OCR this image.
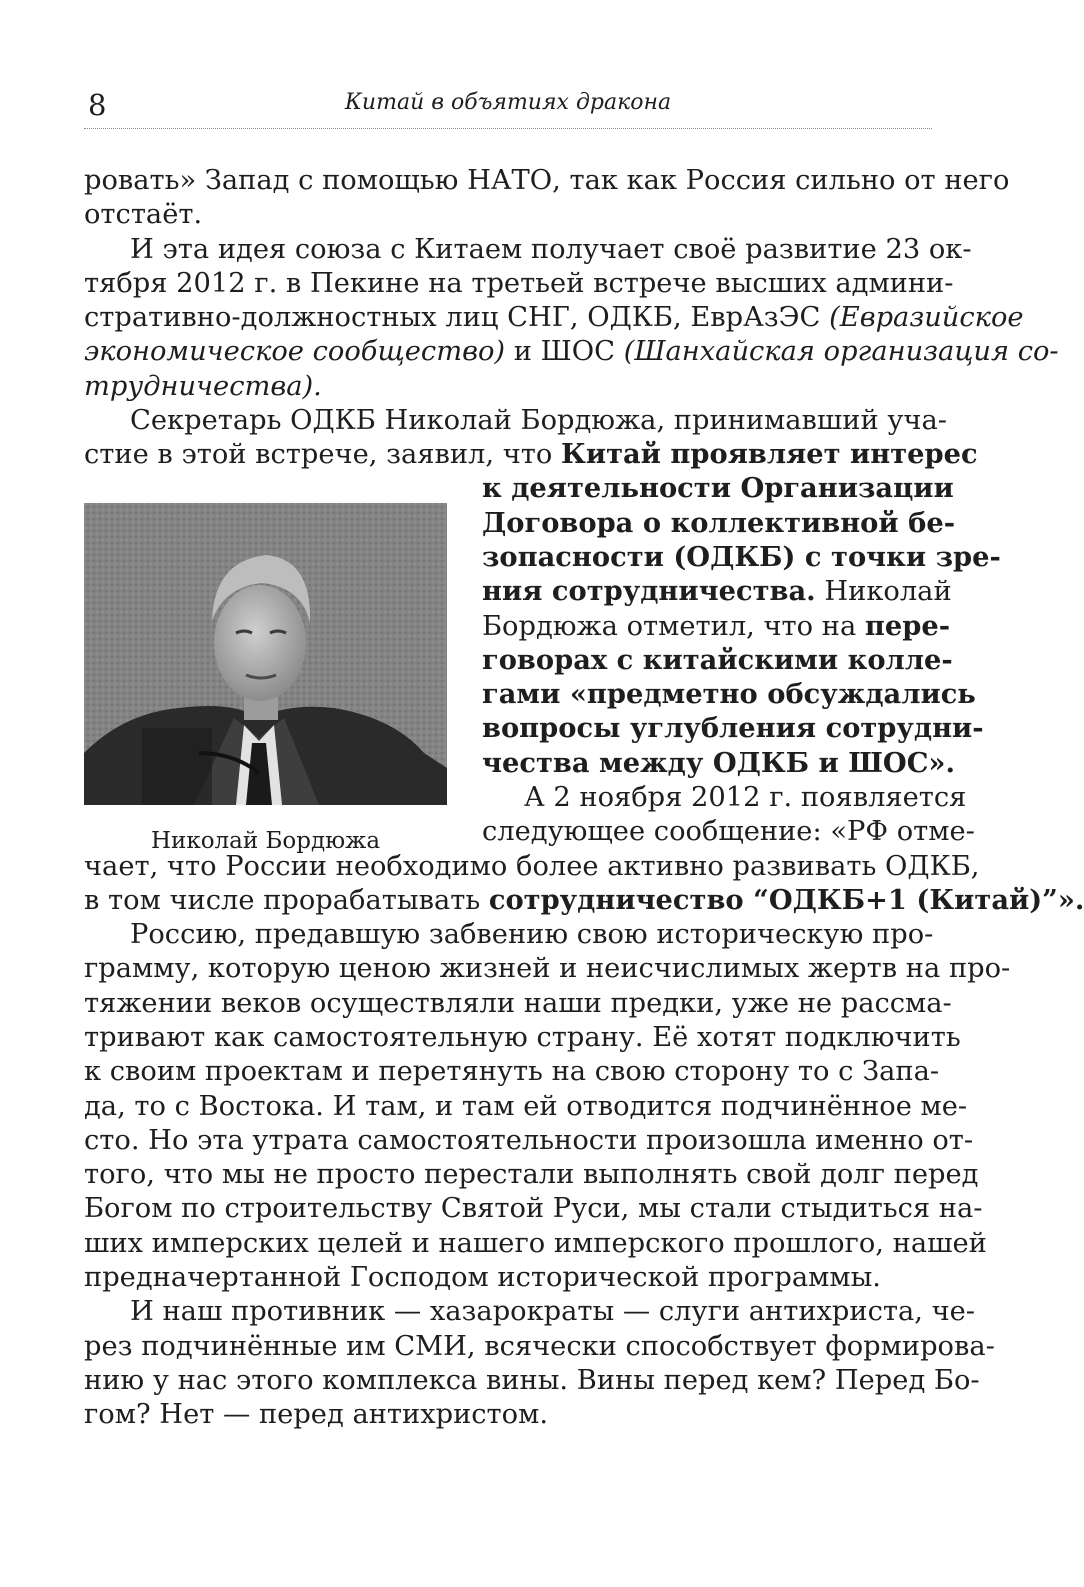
8	Китай в объятиях дракона

ровать» Запад с помощью НАТО, так как Россия сильно от него

отстаёт.

И эта идея союза с Китаем получает своё развитие 23 ок-

тября 2012 г. в Пекине на третьей встрече высших админи-

стративно-должностных лиц СНГ, ОДКБ, ЕврАзЭС (Евразийское

экономическое сообщество) и ШОС (Шанхайская организация со-

трудничества).

Секретарь ОДКБ Николай Бордюжа, принимавший уча-

стие в этой встрече, заявил, что Китай проявляет интерес

к деятельности Организации

Договора о коллективной бе-

зопасности (ОДКБ) с точки зре-

ния сотрудничества. Николай

Бордюжа отметил, что на пере-

говорах с китайскими колле-

гами «предметно обсуждались

вопросы углубления сотрудни-

чества между ОДКБ и ШОС».

А 2 ноября 2012 г. появляется

следующее сообщение: «РФ отме-

чает, что России необходимо более активно развивать ОДКБ,

в том числе прорабатывать сотрудничество “ОДКБ+1 (Китай)”».

Россию, предавшую забвению свою историческую про-

грамму, которую ценою жизней и неисчислимых жертв на про-

тяжении веков осуществляли наши предки, уже не рассма-

тривают как самостоятельную страну. Её хотят подключить

к своим проектам и перетянуть на свою сторону то с Запа-

да, то с Востока. И там, и там ей отводится подчинённое ме-

сто. Но эта утрата самостоятельности произошла именно от-

того, что мы не просто перестали выполнять свой долг перед

Богом по строительству Святой Руси, мы стали стыдиться на-

ших имперских целей и нашего имперского прошлого, нашей

предначертанной Господом исторической программы.

И наш противник — хазарократы — слуги антихриста, че-

рез подчинённые им СМИ, всячески способствует формирова-

нию у нас этого комплекса вины. Вины перед кем? Перед Бо-

гом? Нет — перед антихристом.

Николай Бордюжа
